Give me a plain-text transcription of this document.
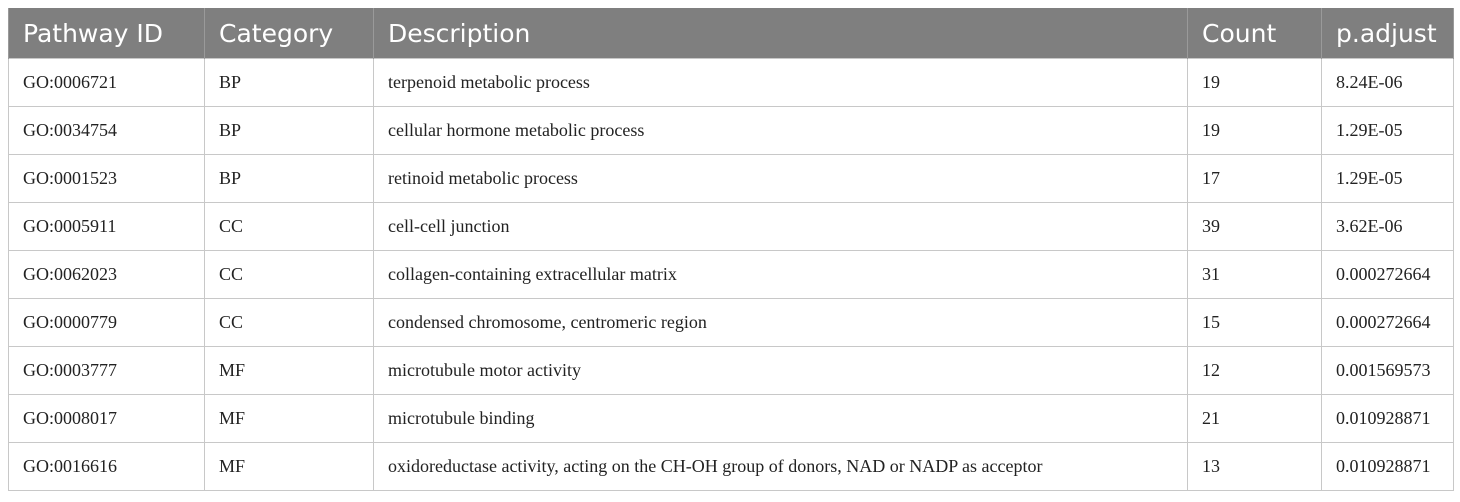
Pathway ID	Category	Description	Count	p.adjust
GO:0006721	BP	terpenoid metabolic process	19	8.24E-06
GO:0034754	BP	cellular hormone metabolic process	19	1.29E-05
GO:0001523	BP	retinoid metabolic process	17	1.29E-05
GO:0005911	CC	cell-cell junction	39	3.62E-06
GO:0062023	CC	collagen-containing extracellular matrix	31	0.000272664
GO:0000779	CC	condensed chromosome, centromeric region	15	0.000272664
GO:0003777	MF	microtubule motor activity	12	0.001569573
GO:0008017	MF	microtubule binding	21	0.010928871
GO:0016616	MF	oxidoreductase activity, acting on the CH-OH group of donors, NAD or NADP as acceptor	13	0.010928871
